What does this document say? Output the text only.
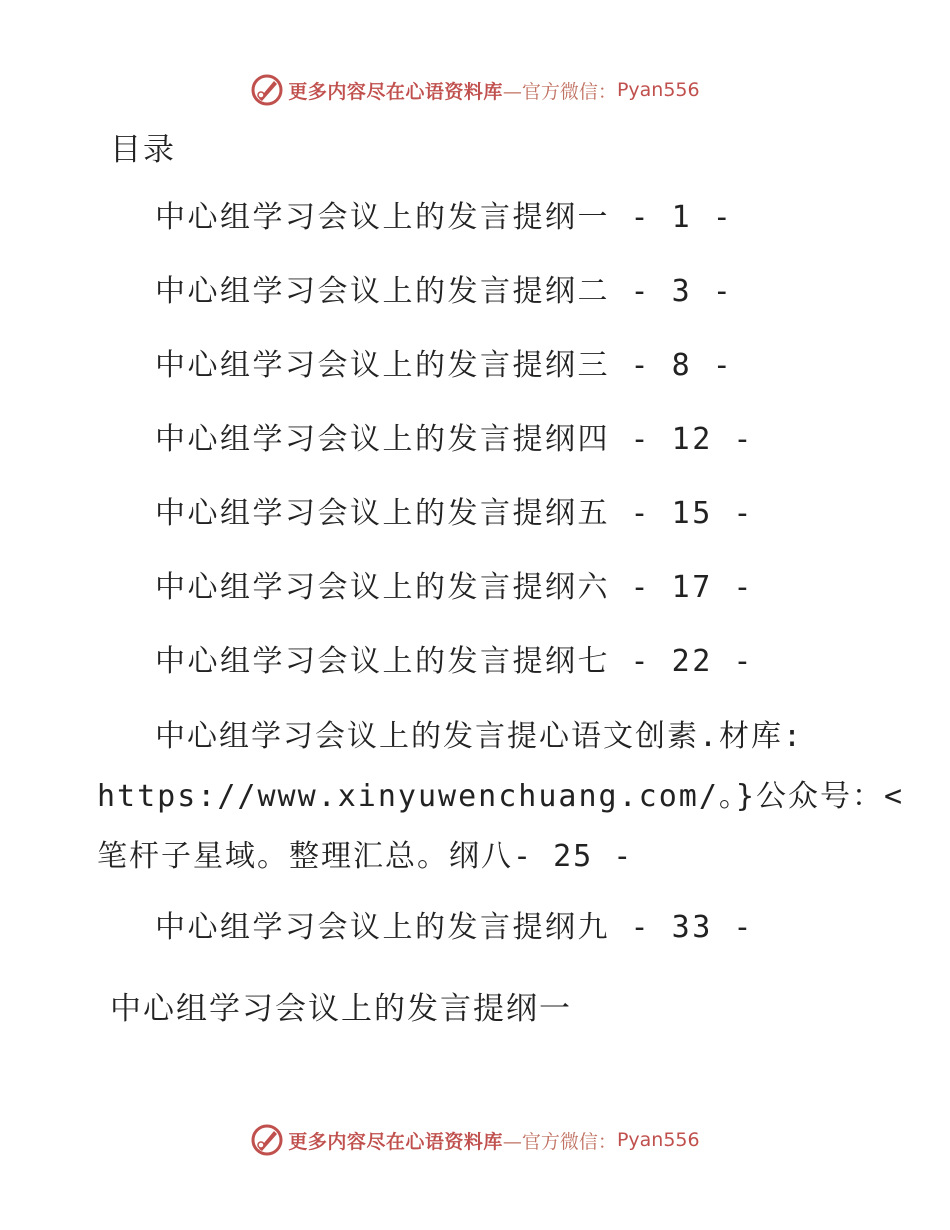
更多内容尽在心语资料库 —官方微信： Pyan556
目录
中心组学习会议上的发言提纲一 - 1 -
中心组学习会议上的发言提纲二 - 3 -
中心组学习会议上的发言提纲三 - 8 -
中心组学习会议上的发言提纲四 - 12 -
中心组学习会议上的发言提纲五 - 15 -
中心组学习会议上的发言提纲六 - 17 -
中心组学习会议上的发言提纲七 - 22 -
中心组学习会议上的发言提心语文创素.材库:
https://www.xinyuwenchuang.com/。}公众号：<
笔杆子星域。整理汇总。纲八- 25 -
中心组学习会议上的发言提纲九 - 33 -
中心组学习会议上的发言提纲一
更多内容尽在心语资料库 —官方微信： Pyan556
